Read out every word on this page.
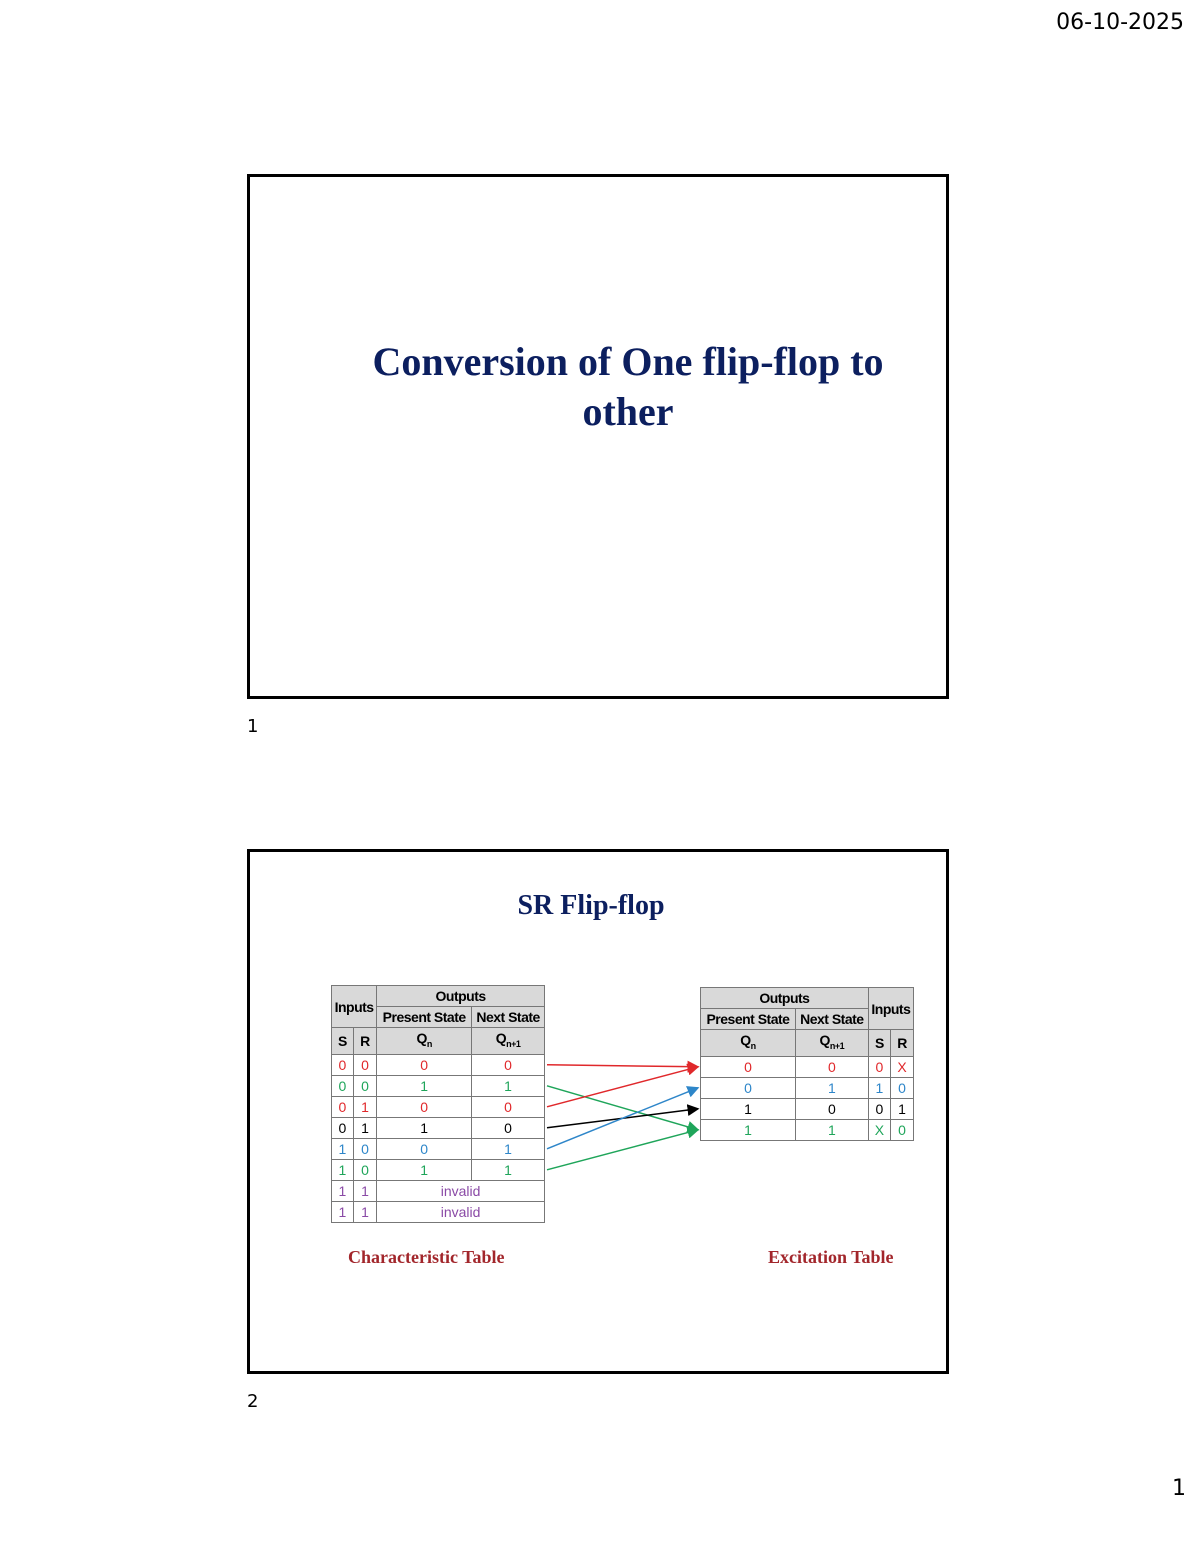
06-10-2025
Conversion of One flip-flop to
other
1
SR Flip-flop
Inputs		Outputs	
		Present State	Next State
S	R	$Q_n$	$Q_{n+1}$
0	0	0	0
0	0	1	1
0	1	0	0
0	1	1	0
1	0	0	1
1	0	1	1
1	1	invalid	
1	1	invalid	
Outputs		Inputs	
Present State	Next State		
$Q_n$	$Q_{n+1}$	S	R
0	0	0	X
0	1	1	0
1	0	0	1
1	1	X	0
Characteristic Table	Excitation Table
2
1
